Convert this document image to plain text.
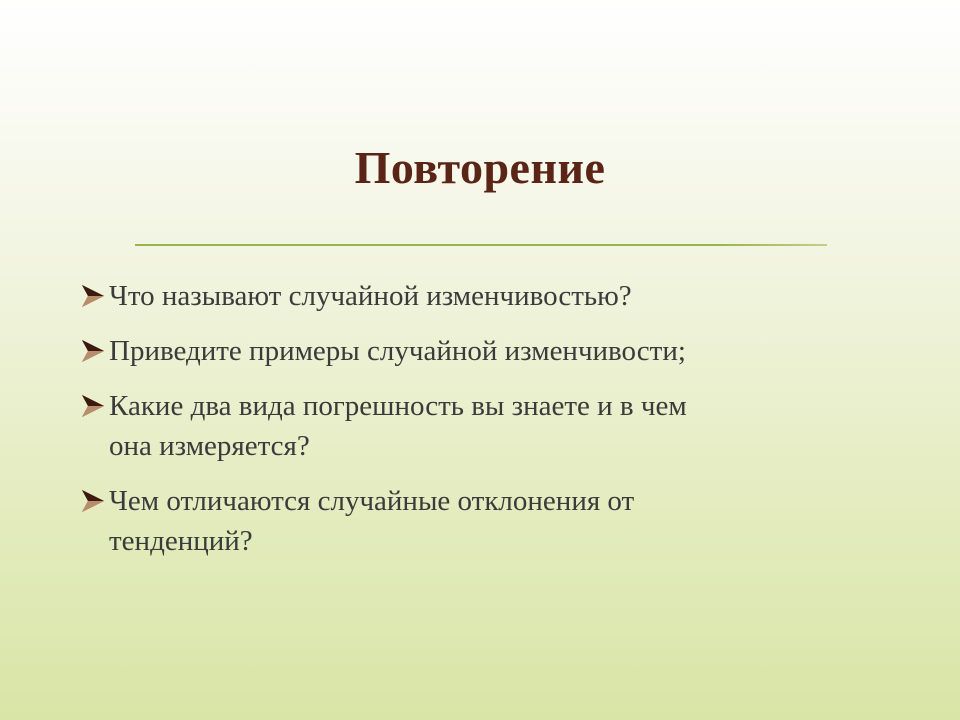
Повторение
Что называют случайной изменчивостью?
Приведите примеры случайной изменчивости;
Какие два вида погрешность вы знаете и в чем
она измеряется?
Чем отличаются случайные отклонения от
тенденций?
